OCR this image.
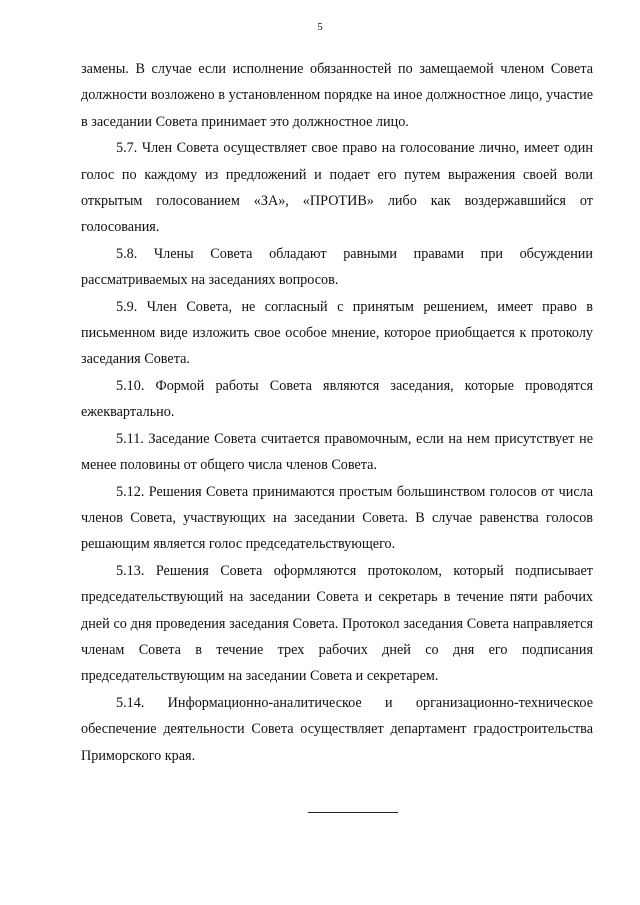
5

замены. В случае если исполнение обязанностей по замещаемой членом Совета должности возложено в установленном порядке на иное должностное лицо, участие в заседании Совета принимает это должностное лицо.

5.7. Член Совета осуществляет свое право на голосование лично, имеет один голос по каждому из предложений и подает его путем выражения своей воли открытым голосованием «ЗА», «ПРОТИВ» либо как воздержавшийся от голосования.

5.8. Члены Совета обладают равными правами при обсуждении рассматриваемых на заседаниях вопросов.

5.9. Член Совета, не согласный с принятым решением, имеет право в письменном виде изложить свое особое мнение, которое приобщается к протоколу заседания Совета.

5.10. Формой работы Совета являются заседания, которые проводятся ежеквартально.

5.11. Заседание Совета считается правомочным, если на нем присутствует не менее половины от общего числа членов Совета.

5.12. Решения Совета принимаются простым большинством голосов от числа членов Совета, участвующих на заседании Совета. В случае равенства голосов решающим является голос председательствующего.

5.13. Решения Совета оформляются протоколом, который подписывает председательствующий на заседании Совета и секретарь в течение пяти рабочих дней со дня проведения заседания Совета. Протокол заседания Совета направляется членам Совета в течение трех рабочих дней со дня его подписания председательствующим на заседании Совета и секретарем.

5.14. Информационно-аналитическое и организационно-техническое обеспечение деятельности Совета осуществляет департамент градостроительства Приморского края.
